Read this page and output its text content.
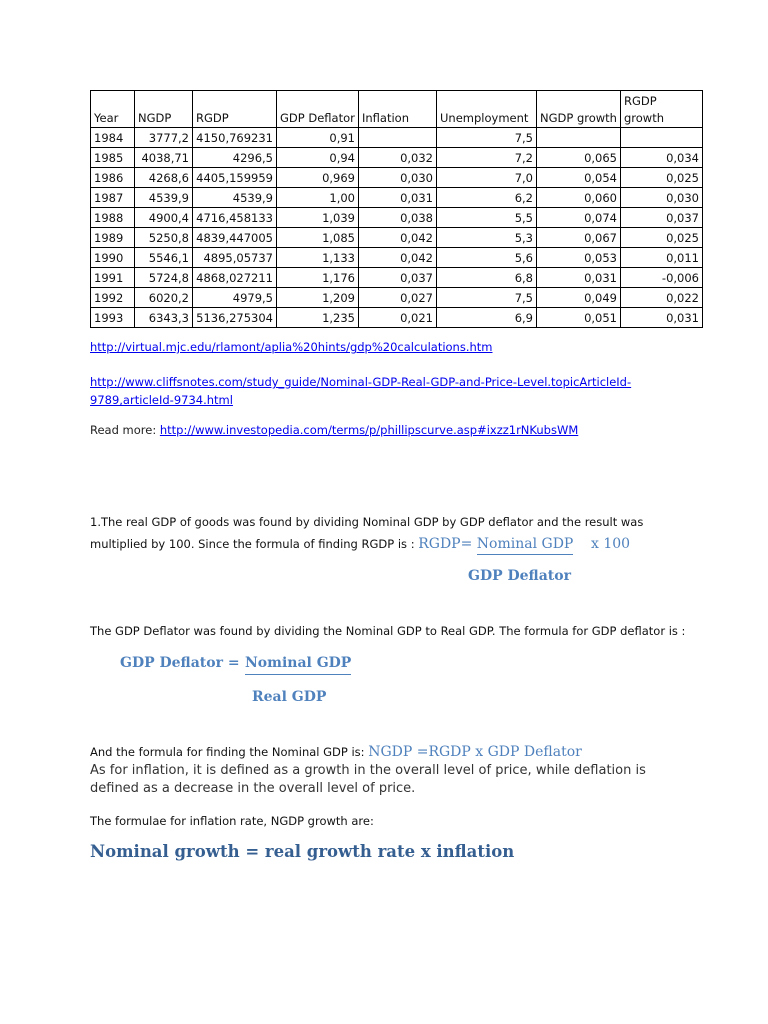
Year	NGDP	RGDP	GDP Deflator	Inflation	Unemployment	NGDP growth	RGDP growth
1984	3777,2	4150,769231	0,91		7,5		
1985	4038,71	4296,5	0,94	0,032	7,2	0,065	0,034
1986	4268,6	4405,159959	0,969	0,030	7,0	0,054	0,025
1987	4539,9	4539,9	1,00	0,031	6,2	0,060	0,030
1988	4900,4	4716,458133	1,039	0,038	5,5	0,074	0,037
1989	5250,8	4839,447005	1,085	0,042	5,3	0,067	0,025
1990	5546,1	4895,05737	1,133	0,042	5,6	0,053	0,011
1991	5724,8	4868,027211	1,176	0,037	6,8	0,031	-0,006
1992	6020,2	4979,5	1,209	0,027	7,5	0,049	0,022
1993	6343,3	5136,275304	1,235	0,021	6,9	0,051	0,031
http://virtual.mjc.edu/rlamont/aplia%20hints/gdp%20calculations.htm
http://www.cliffsnotes.com/study_guide/Nominal-GDP-Real-GDP-and-Price-Level.topicArticleId-9789,articleId-9734.html
Read more: http://www.investopedia.com/terms/p/phillipscurve.asp#ixzz1rNKubsWM
1.The real GDP of goods was found by dividing Nominal GDP by GDP deflator and the result was multiplied by 100. Since the formula of finding RGDP is : RGDP= Nominal GDP x 100
GDP Deflator
The GDP Deflator was found by dividing the Nominal GDP to Real GDP. The formula for GDP deflator is :
GDP Deflator = Nominal GDP
Real GDP
And the formula for finding the Nominal GDP is: NGDP =RGDP x GDP Deflator
As for inflation, it is defined as a growth in the overall level of price, while deflation is defined as a decrease in the overall level of price.
The formulae for inflation rate, NGDP growth are:
Nominal growth = real growth rate x inflation
